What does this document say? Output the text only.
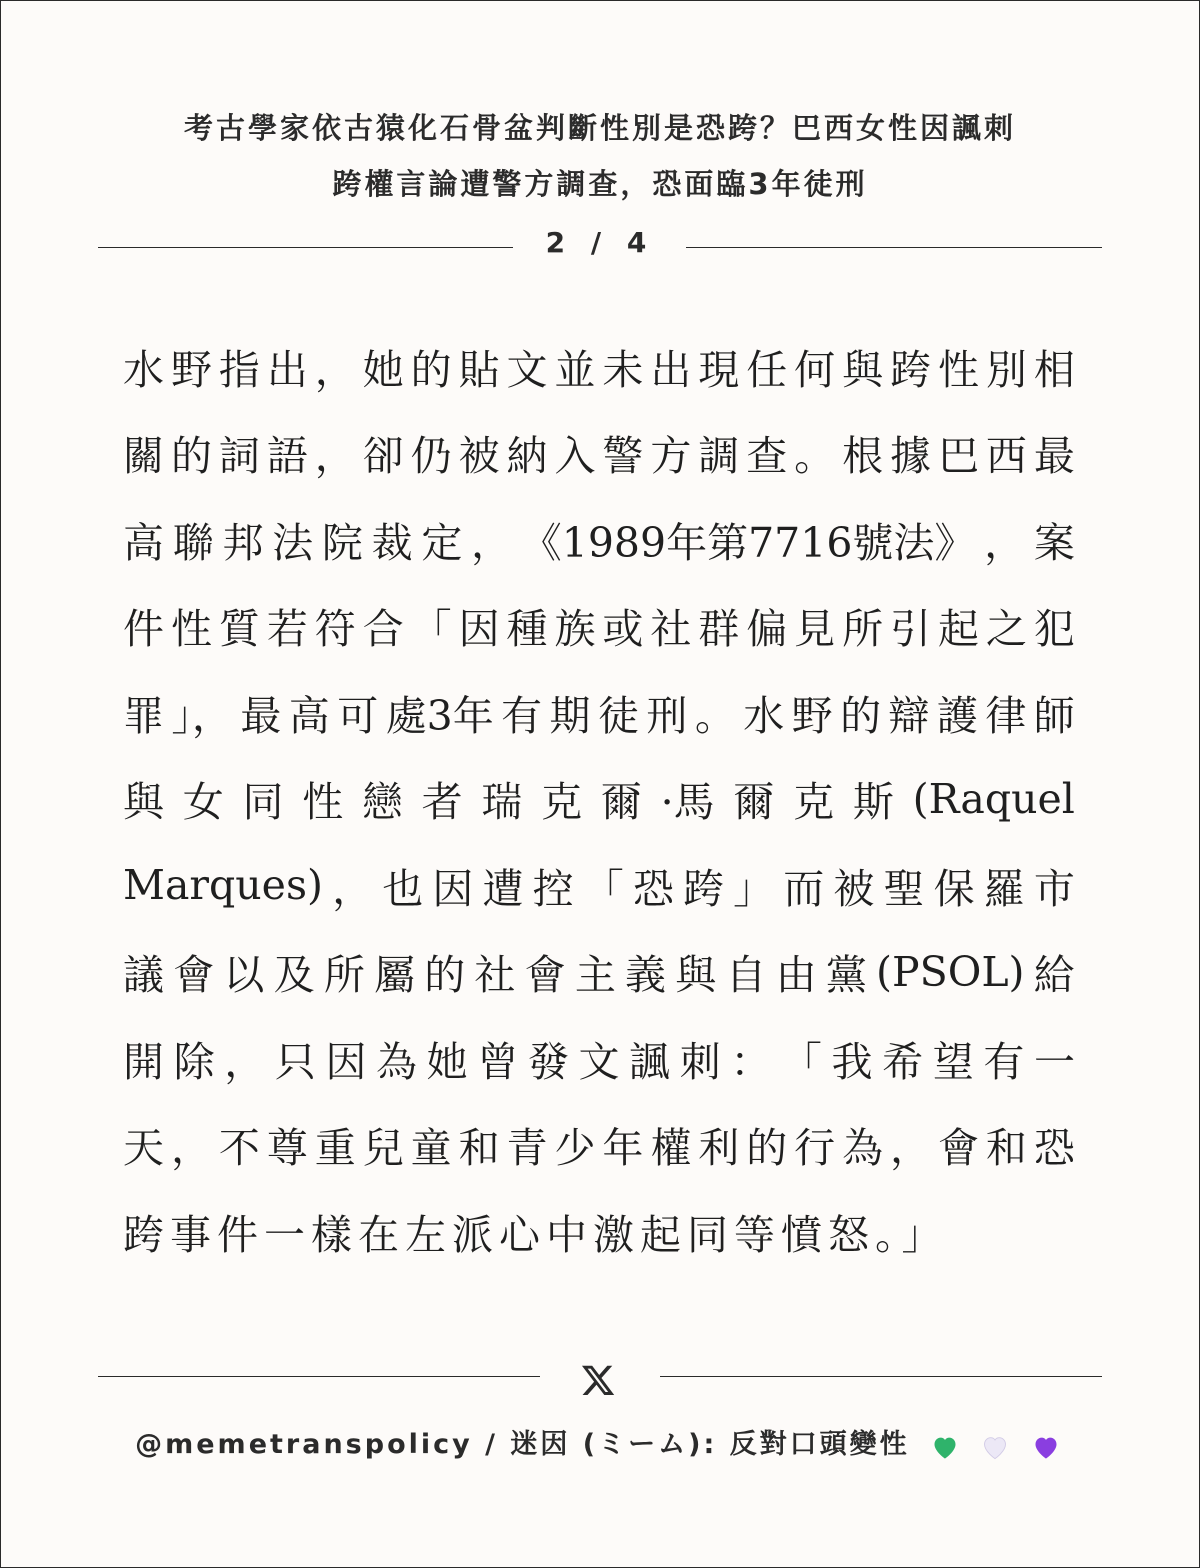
考古學家依古猿化石骨盆判斷性別是恐跨？巴西女性因諷刺
跨權言論遭警方調查，恐面臨3年徒刑
2 / 4
水 野 指 出 ， 她 的 貼 文 並 未 出 現 任 何 與 跨 性 別 相
關 的 詞 語 ， 卻 仍 被 納 入 警 方 調 查 。 根 據 巴 西 最
高 聯 邦 法 院 裁 定 ， 《1989年第7716號法》 ， 案
件 性 質 若 符 合 「 因 種 族 或 社 群 偏 見 所 引 起 之 犯
罪 」， 最 高 可 處3年 有 期 徒 刑 。 水 野 的 辯 護 律 師
與 女 同 性 戀 者 瑞 克 爾 ·馬 爾 克 斯 (Raquel
Marques) ， 也 因 遭 控 「 恐 跨 」 而 被 聖 保 羅 市
議 會 以 及 所 屬 的 社 會 主 義 與 自 由 黨 (PSOL) 給
開 除 ， 只 因 為 她 曾 發 文 諷 刺 ： 「 我 希 望 有 一
天 ， 不 尊 重 兒 童 和 青 少 年 權 利 的 行 為 ， 會 和 恐
跨事件一樣在左派心中激起同等憤怒。」
@memetranspolicy / 迷因 (ミーム): 反對口頭變性
